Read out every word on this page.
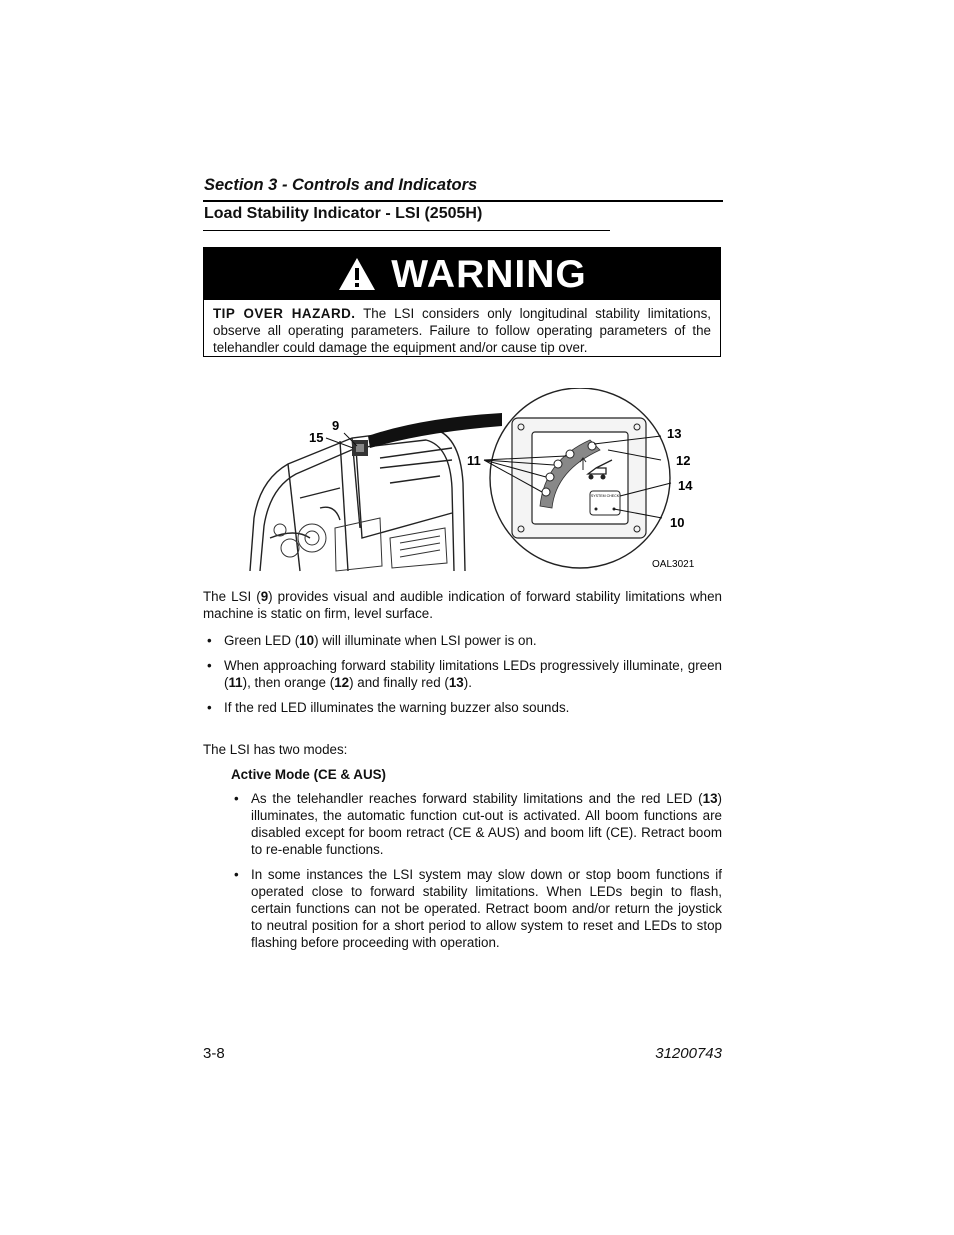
Section 3 - Controls and Indicators
Load Stability Indicator - LSI (2505H)
WARNING
TIP OVER HAZARD. The LSI considers only longitudinal stability limitations, observe all operating parameters. Failure to follow operating parameters of the telehandler could damage the equipment and/or cause tip over.
SYSTEM CHECK
9
15
11
13
12
14
10
OAL3021
The LSI (9) provides visual and audible indication of forward stability limitations when machine is static on firm, level surface.
• Green LED (10) will illuminate when LSI power is on.
• When approaching forward stability limitations LEDs progressively illuminate, green (11), then orange (12) and finally red (13).
• If the red LED illuminates the warning buzzer also sounds.
The LSI has two modes:
Active Mode (CE & AUS)
• As the telehandler reaches forward stability limitations and the red LED (13) illuminates, the automatic function cut-out is activated. All boom functions are disabled except for boom retract (CE & AUS) and boom lift (CE). Retract boom to re-enable functions.
• In some instances the LSI system may slow down or stop boom functions if operated close to forward stability limitations. When LEDs begin to flash, certain functions can not be operated. Retract boom and/or return the joystick to neutral position for a short period to allow system to reset and LEDs to stop flashing before proceeding with operation.
3-8	31200743
